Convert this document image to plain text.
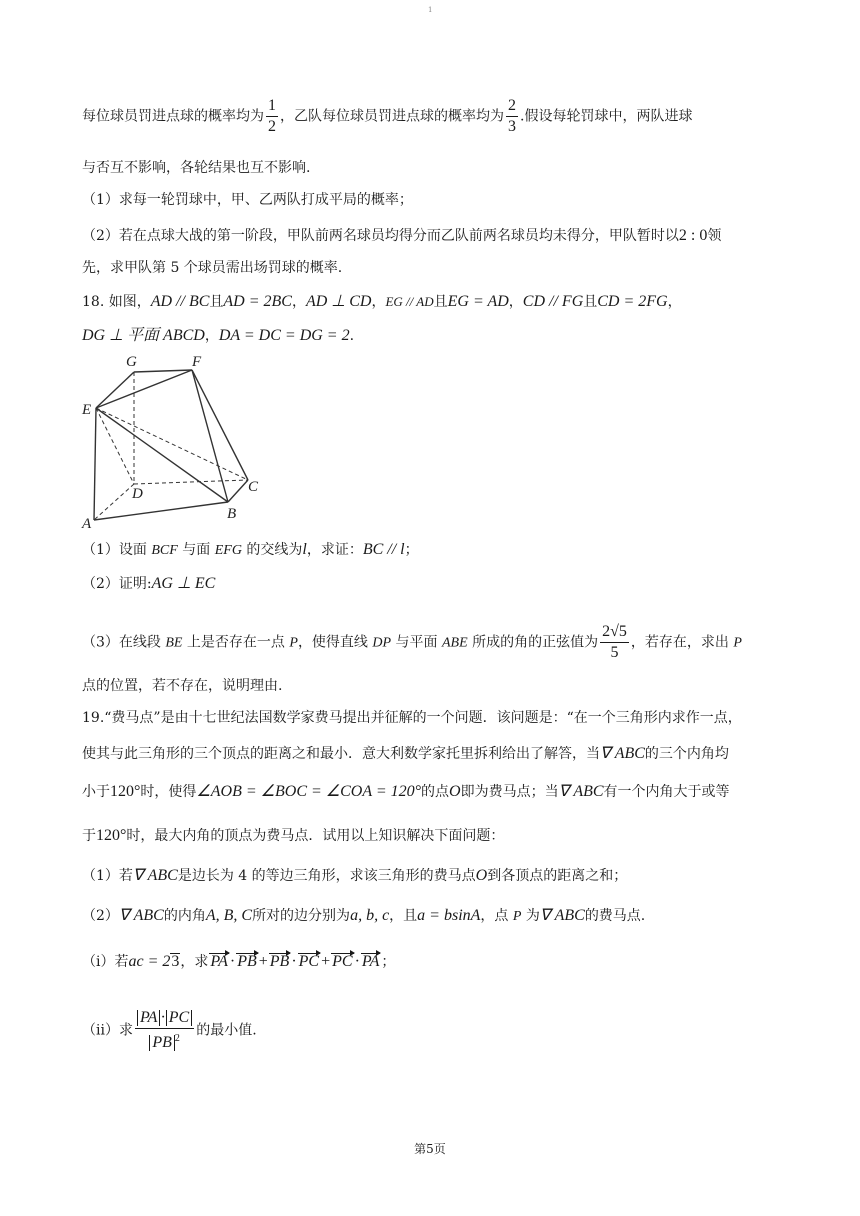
1
每位球员罚进点球的概率均为 $\frac{1}{2}$ ，乙队每位球员罚进点球的概率均为 $\frac{2}{3}$ .假设每轮罚球中，两队进球
与否互不影响，各轮结果也互不影响.
（1）求每一轮罚球中，甲、乙两队打成平局的概率；
（2）若在点球大战的第一阶段，甲队前两名球员均得分而乙队前两名球员均未得分，甲队暂时以2 : 0领
先，求甲队第 5 个球员需出场罚球的概率.
18. 如图，AD // BC且AD = 2BC，AD ⊥ CD，EG // AD且EG = AD，CD // FG且CD = 2FG，
DG ⊥ 平面 ABCD，DA = DC = DG = 2.
G	F
E
D	C
A
B
（1）设面 BCF 与面 EFG 的交线为l，求证：BC // l；
（2）证明:AG ⊥ EC
（3）在线段 BE 上是否存在一点 P，使得直线 DP 与平面 ABE 所成的角的正弦值为 $\frac{2√5}{5}$ ，若存在，求出 P
点的位置，若不存在，说明理由.
19.“费马点”是由十七世纪法国数学家费马提出并征解的一个问题．该问题是：“在一个三角形内求作一点，
使其与此三角形的三个顶点的距离之和最小．意大利数学家托里拆利给出了解答，当∇ ABC的三个内角均
小于120°时，使得∠AOB = ∠BOC = ∠COA = 120°的点O即为费马点；当∇ ABC有一个内角大于或等
于120°时，最大内角的顶点为费马点．试用以上知识解决下面问题：
（1）若∇ ABC是边长为 4 的等边三角形，求该三角形的费马点O到各顶点的距离之和；
（2）∇ ABC的内角A, B, C所对的边分别为a, b, c，且a = bsinA，点 P 为∇ ABC的费马点.
（i）若ac = 23，求 PA · PB + PB · PC + PC · PA ；
（ii）求 $\frac{PA \cdot PC}{PB ^2}$ 的最小值.
第5页
